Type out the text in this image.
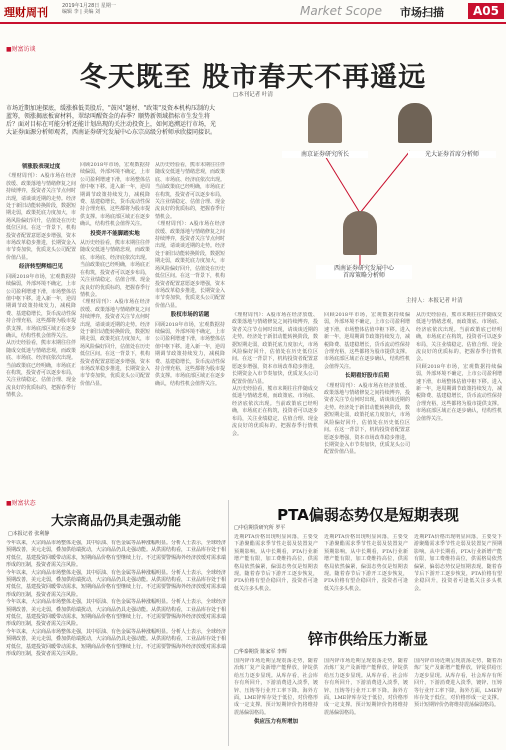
理财周刊	2019年1月28日 星期一
编辑 李 | 美编 刘	Market Scope 市场扫描	A05
■财富访谈
冬天既至 股市春天不再遥远
□本刊记者 叶清
市场近期加速探底，缓涨推低美股后，"鼓风"题材、"政策"及资本机构压制的大蓝筹，领涨揭底板窗材料，翠绿叫醒资金的春季？顺势新领域指标市生发生将后？面对目标在可能分析还能计划出现的关注动投资上，如何追溯运行市场，光大证券面源分析师观者，西南证券研究发展中心东宗高级分析师承欣接同接识。
领涨股表现过度
《理财周刊》：A股市场在经济放缓、政策落地与情绪修复之间持续博弈，投资者关注节点何时出现，请谈谈近期的走势。经济处于新旧动能转换阶段，数据短期走弱，政策托底力度加大，市场风险偏好回升，估值处在历史低位区间。在这一背景下，机构投资者配置意愿逐步增强，资本市场改革稳步推进，长期资金入市节奏加快，优质龙头公司配置价值凸显。
经济转型辉煌巴见
回顾2018年市场，宏观数据持续偏弱，外部环境不确定，上市公司盈利增速下滑，市场整体估值中枢下移。进入新一年，逆周期调节政策持续发力，减税降费、基建稳增长，货币流动性保持合理充裕，这些都将为股市提供支撑。市场底部区域正在逐步确认，结构性机会值得关注。
从历史经验看，熊市末期往往伴随成交低迷与情绪悲观，而政策底、市场底、经济底依次出现。当前政策底已经明确，市场底正在构筑，投资者可以逐步布局，关注业绩稳定、估值合理、现金流良好的优质标的，把握春季行情机会。
回顾2018年市场，宏观数据持续偏弱，外部环境不确定，上市公司盈利增速下滑，市场整体估值中枢下移。进入新一年，逆周期调节政策持续发力，减税降费、基建稳增长，货币流动性保持合理充裕，这些都将为股市提供支撑。市场底部区域正在逐步确认，结构性机会值得关注。
投资并不能脚踏实地
从历史经验看，熊市末期往往伴随成交低迷与情绪悲观，而政策底、市场底、经济底依次出现。当前政策底已经明确，市场底正在构筑，投资者可以逐步布局，关注业绩稳定、估值合理、现金流良好的优质标的，把握春季行情机会。
《理财周刊》：A股市场在经济放缓、政策落地与情绪修复之间持续博弈，投资者关注节点何时出现，请谈谈近期的走势。经济处于新旧动能转换阶段，数据短期走弱，政策托底力度加大，市场风险偏好回升，估值处在历史低位区间。在这一背景下，机构投资者配置意愿逐步增强，资本市场改革稳步推进，长期资金入市节奏加快，优质龙头公司配置价值凸显。
从历史经验看，熊市末期往往伴随成交低迷与情绪悲观，而政策底、市场底、经济底依次出现。当前政策底已经明确，市场底正在构筑，投资者可以逐步布局，关注业绩稳定、估值合理、现金流良好的优质标的，把握春季行情机会。
《理财周刊》：A股市场在经济放缓、政策落地与情绪修复之间持续博弈，投资者关注节点何时出现，请谈谈近期的走势。经济处于新旧动能转换阶段，数据短期走弱，政策托底力度加大，市场风险偏好回升，估值处在历史低位区间。在这一背景下，机构投资者配置意愿逐步增强，资本市场改革稳步推进，长期资金入市节奏加快，优质龙头公司配置价值凸显。
股权市场的话题
回顾2018年市场，宏观数据持续偏弱，外部环境不确定，上市公司盈利增速下滑，市场整体估值中枢下移。进入新一年，逆周期调节政策持续发力，减税降费、基建稳增长，货币流动性保持合理充裕，这些都将为股市提供支撑。市场底部区域正在逐步确认，结构性机会值得关注。
南京证券研究所长	光大证券首席分析师
西南证券研究发展中心
首席策略分析师
主持人：本报记者 叶清
《理财周刊》：A股市场在经济放缓、政策落地与情绪修复之间持续博弈，投资者关注节点何时出现，请谈谈近期的走势。经济处于新旧动能转换阶段，数据短期走弱，政策托底力度加大，市场风险偏好回升，估值处在历史低位区间。在这一背景下，机构投资者配置意愿逐步增强，资本市场改革稳步推进，长期资金入市节奏加快，优质龙头公司配置价值凸显。
从历史经验看，熊市末期往往伴随成交低迷与情绪悲观，而政策底、市场底、经济底依次出现。当前政策底已经明确，市场底正在构筑，投资者可以逐步布局，关注业绩稳定、估值合理、现金流良好的优质标的，把握春季行情机会。
回顾2018年市场，宏观数据持续偏弱，外部环境不确定，上市公司盈利增速下滑，市场整体估值中枢下移。进入新一年，逆周期调节政策持续发力，减税降费、基建稳增长，货币流动性保持合理充裕，这些都将为股市提供支撑。市场底部区域正在逐步确认，结构性机会值得关注。
长期看好股市后期
《理财周刊》：A股市场在经济放缓、政策落地与情绪修复之间持续博弈，投资者关注节点何时出现，请谈谈近期的走势。经济处于新旧动能转换阶段，数据短期走弱，政策托底力度加大，市场风险偏好回升，估值处在历史低位区间。在这一背景下，机构投资者配置意愿逐步增强，资本市场改革稳步推进，长期资金入市节奏加快，优质龙头公司配置价值凸显。
从历史经验看，熊市末期往往伴随成交低迷与情绪悲观，而政策底、市场底、经济底依次出现。当前政策底已经明确，市场底正在构筑，投资者可以逐步布局，关注业绩稳定、估值合理、现金流良好的优质标的，把握春季行情机会。
回顾2018年市场，宏观数据持续偏弱，外部环境不确定，上市公司盈利增速下滑，市场整体估值中枢下移。进入新一年，逆周期调节政策持续发力，减税降费、基建稳增长，货币流动性保持合理充裕，这些都将为股市提供支撑。市场底部区域正在逐步确认，结构性机会值得关注。
■财富状态
大宗商品仍具走强动能
□本报记者 张利静
今年以来，大宗商品市场整体走强，其中原油、有色金属等品种涨幅明显。分析人士表示，全球经济预期改善，美元走弱，叠加供给端扰动，大宗商品仍具走强动能。从供需结构看，工业品库存处于相对低位，基建投资回暖带动需求，短期商品价格有望继续上行。不过需要警惕海外经济放缓对需求端形成的压制，投资者需关注风险。
今年以来，大宗商品市场整体走强，其中原油、有色金属等品种涨幅明显。分析人士表示，全球经济预期改善，美元走弱，叠加供给端扰动，大宗商品仍具走强动能。从供需结构看，工业品库存处于相对低位，基建投资回暖带动需求，短期商品价格有望继续上行。不过需要警惕海外经济放缓对需求端形成的压制，投资者需关注风险。
今年以来，大宗商品市场整体走强，其中原油、有色金属等品种涨幅明显。分析人士表示，全球经济预期改善，美元走弱，叠加供给端扰动，大宗商品仍具走强动能。从供需结构看，工业品库存处于相对低位，基建投资回暖带动需求，短期商品价格有望继续上行。不过需要警惕海外经济放缓对需求端形成的压制，投资者需关注风险。
今年以来，大宗商品市场整体走强，其中原油、有色金属等品种涨幅明显。分析人士表示，全球经济预期改善，美元走弱，叠加供给端扰动，大宗商品仍具走强动能。从供需结构看，工业品库存处于相对低位，基建投资回暖带动需求，短期商品价格有望继续上行。不过需要警惕海外经济放缓对需求端形成的压制，投资者需关注风险。
PTA偏弱态势仅是短期表现
□中信期货研究所 罗平
近期PTA价格出现明显回落，主要受下游聚酯需求季节性走弱及装置复产预期影响。从中长期看，PTA行业新增产能有限，加工费维持高位，供需格局依然偏紧，偏弱态势仅是短期表现。随着春节后下游开工逐步恢复，PTA价格有望企稳回升，投资者可逢低关注多头机会。
近期PTA价格出现明显回落，主要受下游聚酯需求季节性走弱及装置复产预期影响。从中长期看，PTA行业新增产能有限，加工费维持高位，供需格局依然偏紧，偏弱态势仅是短期表现。随着春节后下游开工逐步恢复，PTA价格有望企稳回升，投资者可逢低关注多头机会。
近期PTA价格出现明显回落，主要受下游聚酯需求季节性走弱及装置复产预期影响。从中长期看，PTA行业新增产能有限，加工费维持高位，供需格局依然偏紧，偏弱态势仅是短期表现。随着春节后下游开工逐步恢复，PTA价格有望企稳回升，投资者可逢低关注多头机会。
锌市供给压力渐显
□华泰期货 陈家军 李辉
国内锌市场近期呈现震荡走势，随着冶炼厂复产及新增产能释放，锌锭供给压力逐步显现。从库存看，社会库存有所回升，下游消费进入淡季，镀锌、压铸等行业开工率下降。海外方面，LME锌库存处于低位，对价格形成一定支撑。预计短期锌价仍将维持震荡偏弱格局。
供应压力有所增加
国内锌市场近期呈现震荡走势，随着冶炼厂复产及新增产能释放，锌锭供给压力逐步显现。从库存看，社会库存有所回升，下游消费进入淡季，镀锌、压铸等行业开工率下降。海外方面，LME锌库存处于低位，对价格形成一定支撑。预计短期锌价仍将维持震荡偏弱格局。
国内锌市场近期呈现震荡走势，随着冶炼厂复产及新增产能释放，锌锭供给压力逐步显现。从库存看，社会库存有所回升，下游消费进入淡季，镀锌、压铸等行业开工率下降。海外方面，LME锌库存处于低位，对价格形成一定支撑。预计短期锌价仍将维持震荡偏弱格局。
